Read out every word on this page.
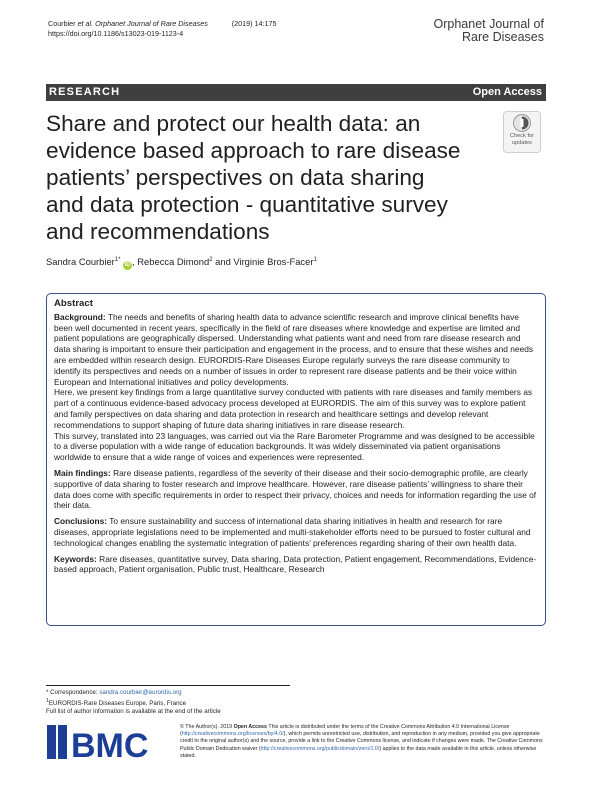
Courbier et al. Orphanet Journal of Rare Diseases	(2019) 14:175
https://doi.org/10.1186/s13023-019-1123-4
Orphanet Journal of
Rare Diseases
RESEARCH	Open Access
Share and protect our health data: an evidence based approach to rare disease patients’ perspectives on data sharing and data protection - quantitative survey and recommendations
Check for
updates
Sandra Courbier$^{1*}$ iD , Rebecca Dimond$^2$ and Virginie Bros-Facer$^1$
Abstract

Background: The needs and benefits of sharing health data to advance scientific research and improve clinical benefits have been well documented in recent years, specifically in the field of rare diseases where knowledge and expertise are limited and patient populations are geographically dispersed. Understanding what patients want and need from rare disease research and data sharing is important to ensure their participation and engagement in the process, and to ensure that these wishes and needs are embedded within research design. EURORDIS-Rare Diseases Europe regularly surveys the rare disease community to identify its perspectives and needs on a number of issues in order to represent rare disease patients and be their voice within European and International initiatives and policy developments.

Here, we present key findings from a large quantitative survey conducted with patients with rare diseases and family members as part of a continuous evidence-based advocacy process developed at EURORDIS. The aim of this survey was to explore patient and family perspectives on data sharing and data protection in research and healthcare settings and develop relevant recommendations to support shaping of future data sharing initiatives in rare disease research.

This survey, translated into 23 languages, was carried out via the Rare Barometer Programme and was designed to be accessible to a diverse population with a wide range of education backgrounds. It was widely disseminated via patient organisations worldwide to ensure that a wide range of voices and experiences were represented.

Main findings: Rare disease patients, regardless of the severity of their disease and their socio-demographic profile, are clearly supportive of data sharing to foster research and improve healthcare. However, rare disease patients’ willingness to share their data does come with specific requirements in order to respect their privacy, choices and needs for information regarding the use of their data.

Conclusions: To ensure sustainability and success of international data sharing initiatives in health and research for rare diseases, appropriate legislations need to be implemented and multi-stakeholder efforts need to be pursued to foster cultural and technological changes enabling the systematic integration of patients’ preferences regarding sharing of their own health data.

Keywords: Rare diseases, quantitative survey, Data sharing, Data protection, Patient engagement, Recommendations, Evidence-based approach, Patient organisation, Public trust, Healthcare, Research

* Correspondence: sandra.courbier@eurordis.org
$^1$EURORDIS-Rare Diseases Europe, Paris, France
Full list of author information is available at the end of the article
BMC	© The Author(s). 2019 Open Access This article is distributed under the terms of the Creative Commons Attribution 4.0 International License (http://creativecommons.org/licenses/by/4.0/), which permits unrestricted use, distribution, and reproduction in any medium, provided you give appropriate credit to the original author(s) and the source, provide a link to the Creative Commons license, and indicate if changes were made. The Creative Commons Public Domain Dedication waiver (http://creativecommons.org/publicdomain/zero/1.0/) applies to the data made available in this article, unless otherwise stated.
